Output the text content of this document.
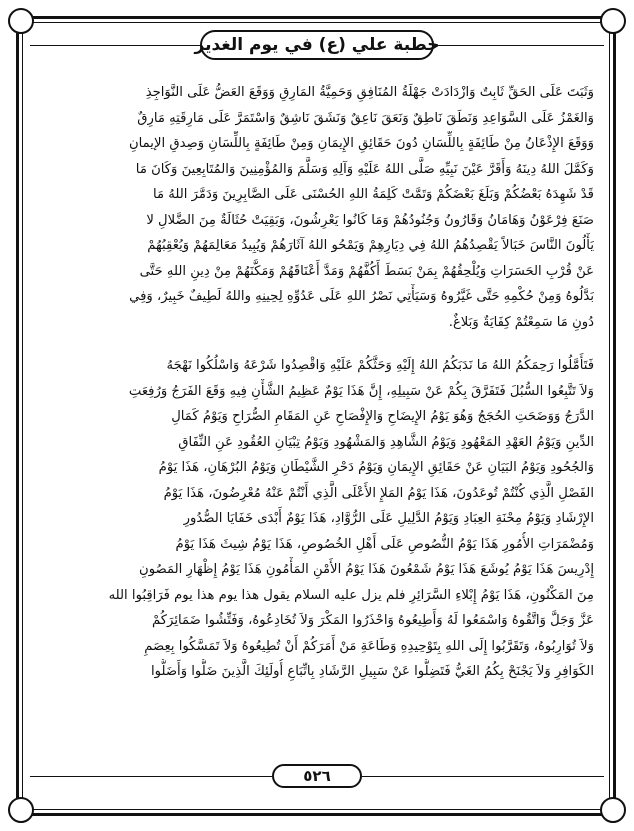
خطبة علي (ع) في يوم الغدير
وَثَبَتَ عَلَى الحَقِّ ثَابِتٌ وَازْدَادَتْ جَهْلَةُ المُنَافِقِ وَحَمِيَّةُ المَارِقِ وَوَقَعَ العَضُّ عَلَى النَّوَاجِذِ
وَالغَمْزُ عَلَى السَّوَاعِدِ وَنَطَقَ نَاطِقٌ وَنَعَقَ نَاعِقٌ وَنَشَقَ نَاشِقٌ وَاسْتَمَرَّ عَلَى مَارِقَتِهِ مَارِقٌ
وَوَقَعَ الإِذْعَانُ مِنْ طَائِفَةٍ بِاللِّسَانِ دُونَ حَقَائِقِ الإِيمَانِ وَمِنْ طَائِفَةٍ بِاللِّسَانِ وَصِدقِ الإيمانِ
وَكَمَّلَ اللهُ دِينَهُ وَأَقَرَّ عَيْنَ نَبِيِّهِ صَلَّى اللهُ عَلَيْهِ وَآلِهِ وَسَلَّمَ وَالمُؤْمِنِينَ وَالمُتَابِعِينَ وَكَانَ مَا
قَدْ شَهِدَهُ بَعْضُكُمْ وَبَلَغَ بَعْضَكُمْ وَتَمَّتْ كَلِمَةُ اللهِ الحُسْنَى عَلَى الصَّابِرِينَ وَدَمَّرَ اللهُ مَا
صَنَعَ فِرْعَوْنُ وَهَامَانُ وَقَارُونُ وَجُنُودُهُمْ وَمَا كَانُوا يَعْرِشُونَ، وَبَقِيَتْ حُثَالَةٌ مِنَ الضَّلالِ لا
يَأْلُونَ النَّاسَ خَبَالاً يَقْصِدُهُمُ اللهُ فِي دِيَارِهِمْ وَيَمْحُو اللهُ آثَارَهُمْ وَيُبِيدُ مَعَالِمَهُمْ وَيُعْقِبُهُمْ
عَنْ قُرْبِ الحَسَرَاتِ وَيُلْحِقُهُمْ بِمَنْ بَسَطَ أَكُفَّهُمْ وَمَدَّ أَعْنَاقَهُمْ وَمَكَّنَهُمْ مِنْ دِينِ اللهِ حَتَّى
بَدَّلُوهُ وَمِنْ حُكْمِهِ حَتَّى غَيَّرُوهُ وَسَيَأْتِي نَصْرُ اللهِ عَلَى عَدُوِّهِ لِحِينِهِ واللهُ لَطِيفٌ خَبِيرٌ، وَفِي
دُونِ مَا سَمِعْتُمْ كِفَايَةٌ وَبَلاغٌ.
فَتَأَمَّلُوا رَحِمَكُمُ اللهُ مَا نَدَبَكُمُ اللهُ إِلَيْهِ وَحَثَّكُمْ عَلَيْهِ وَاقْصِدُوا شَرْعَهُ وَاسْلُكُوا نَهْجَهُ
وَلاَ تَتَّبِعُوا السُّبُلَ فَتَفَرَّقَ بِكُمْ عَنْ سَبِيلِهِ، إِنَّ هَذَا يَوْمٌ عَظِيمُ الشَّأْنِ فِيهِ وَقَعَ الفَرَجُ وَرُفِعَتِ
الدَّرَجُ وَوَضَحَتِ الحُجَجُ وَهُوَ يَوْمُ الإِيضَاحِ وَالإِفْصَاحِ عَنِ المَقَامِ الصُّرَاحِ وَيَوْمُ كَمَالِ
الدِّينِ وَيَوْمُ العَهْدِ المَعْهُودِ وَيَوْمُ الشَّاهِدِ وَالمَشْهُودِ وَيَوْمُ تِبْيَانِ العُقُودِ عَنِ النِّفَاقِ
وَالجُحُودِ وَيَوْمُ البَيَانِ عَنْ حَقَائِقِ الإِيمَانِ وَيَوْمُ دَحْرِ الشَّيْطَانِ وَيَوْمُ البُرْهَانِ، هَذَا يَوْمُ
الفَصْلِ الَّذِي كُنْتُمْ تُوعَدُونَ، هَذَا يَوْمُ المَلإِ الأَعْلَى الَّذِي أَنْتُمْ عَنْهُ مُعْرِضُونَ، هَذَا يَوْمُ
الإِرْشَادِ وَيَوْمُ مِحْنَةِ العِبَادِ وَيَوْمُ الدَّلِيلِ عَلَى الرُّوَّادِ، هَذَا يَوْمٌ أَبْدَى خَفَايَا الصُّدُورِ
وَمُضْمَرَاتِ الأُمُورِ هَذَا يَوْمُ النُّصُوصِ عَلَى أَهْلِ الخُصُوصِ، هَذَا يَوْمُ شِيثَ هَذَا يَوْمُ
إِدْرِيسَ هَذَا يَوْمُ يُوشَعَ هَذَا يَوْمُ شَمْعُونَ هَذَا يَوْمُ الأَمْنِ المَأْمُونِ هَذَا يَوْمُ إِظْهَارِ المَصُونِ
مِنَ المَكْنُونِ، هَذَا يَوْمُ إِبْلاءِ السَّرَائِرِ فلم يزل عليه السلام يقول هذا يوم هذا يوم فَرَاقِبُوا الله
عَزَّ وَجَلَّ وَاتَّقُوهُ وَاسْمَعُوا لَهُ وَأَطِيعُوهُ وَاحْذَرُوا المَكْرَ وَلاَ تُخَادِعُوهُ، وَفَتِّشُوا ضَمَائِرَكُمْ
وَلاَ تُوَارِبُوهُ، وَتَقَرَّبُوا إِلَى اللهِ بِتَوْحِيدِهِ وَطَاعَةِ مَنْ أَمَرَكُمْ أَنْ تُطِيعُوهُ وَلاَ تَمَسَّكُوا بِعِصَمِ
الكَوَافِرِ وَلاَ يَجْنَحْ بِكُمُ الغَيُّ فَتَضِلُّوا عَنْ سَبِيلِ الرَّشَادِ بِاتِّبَاعِ أُولَئِكَ الَّذِينَ ضَلُّوا وَأَضَلُّوا
٥٢٦
